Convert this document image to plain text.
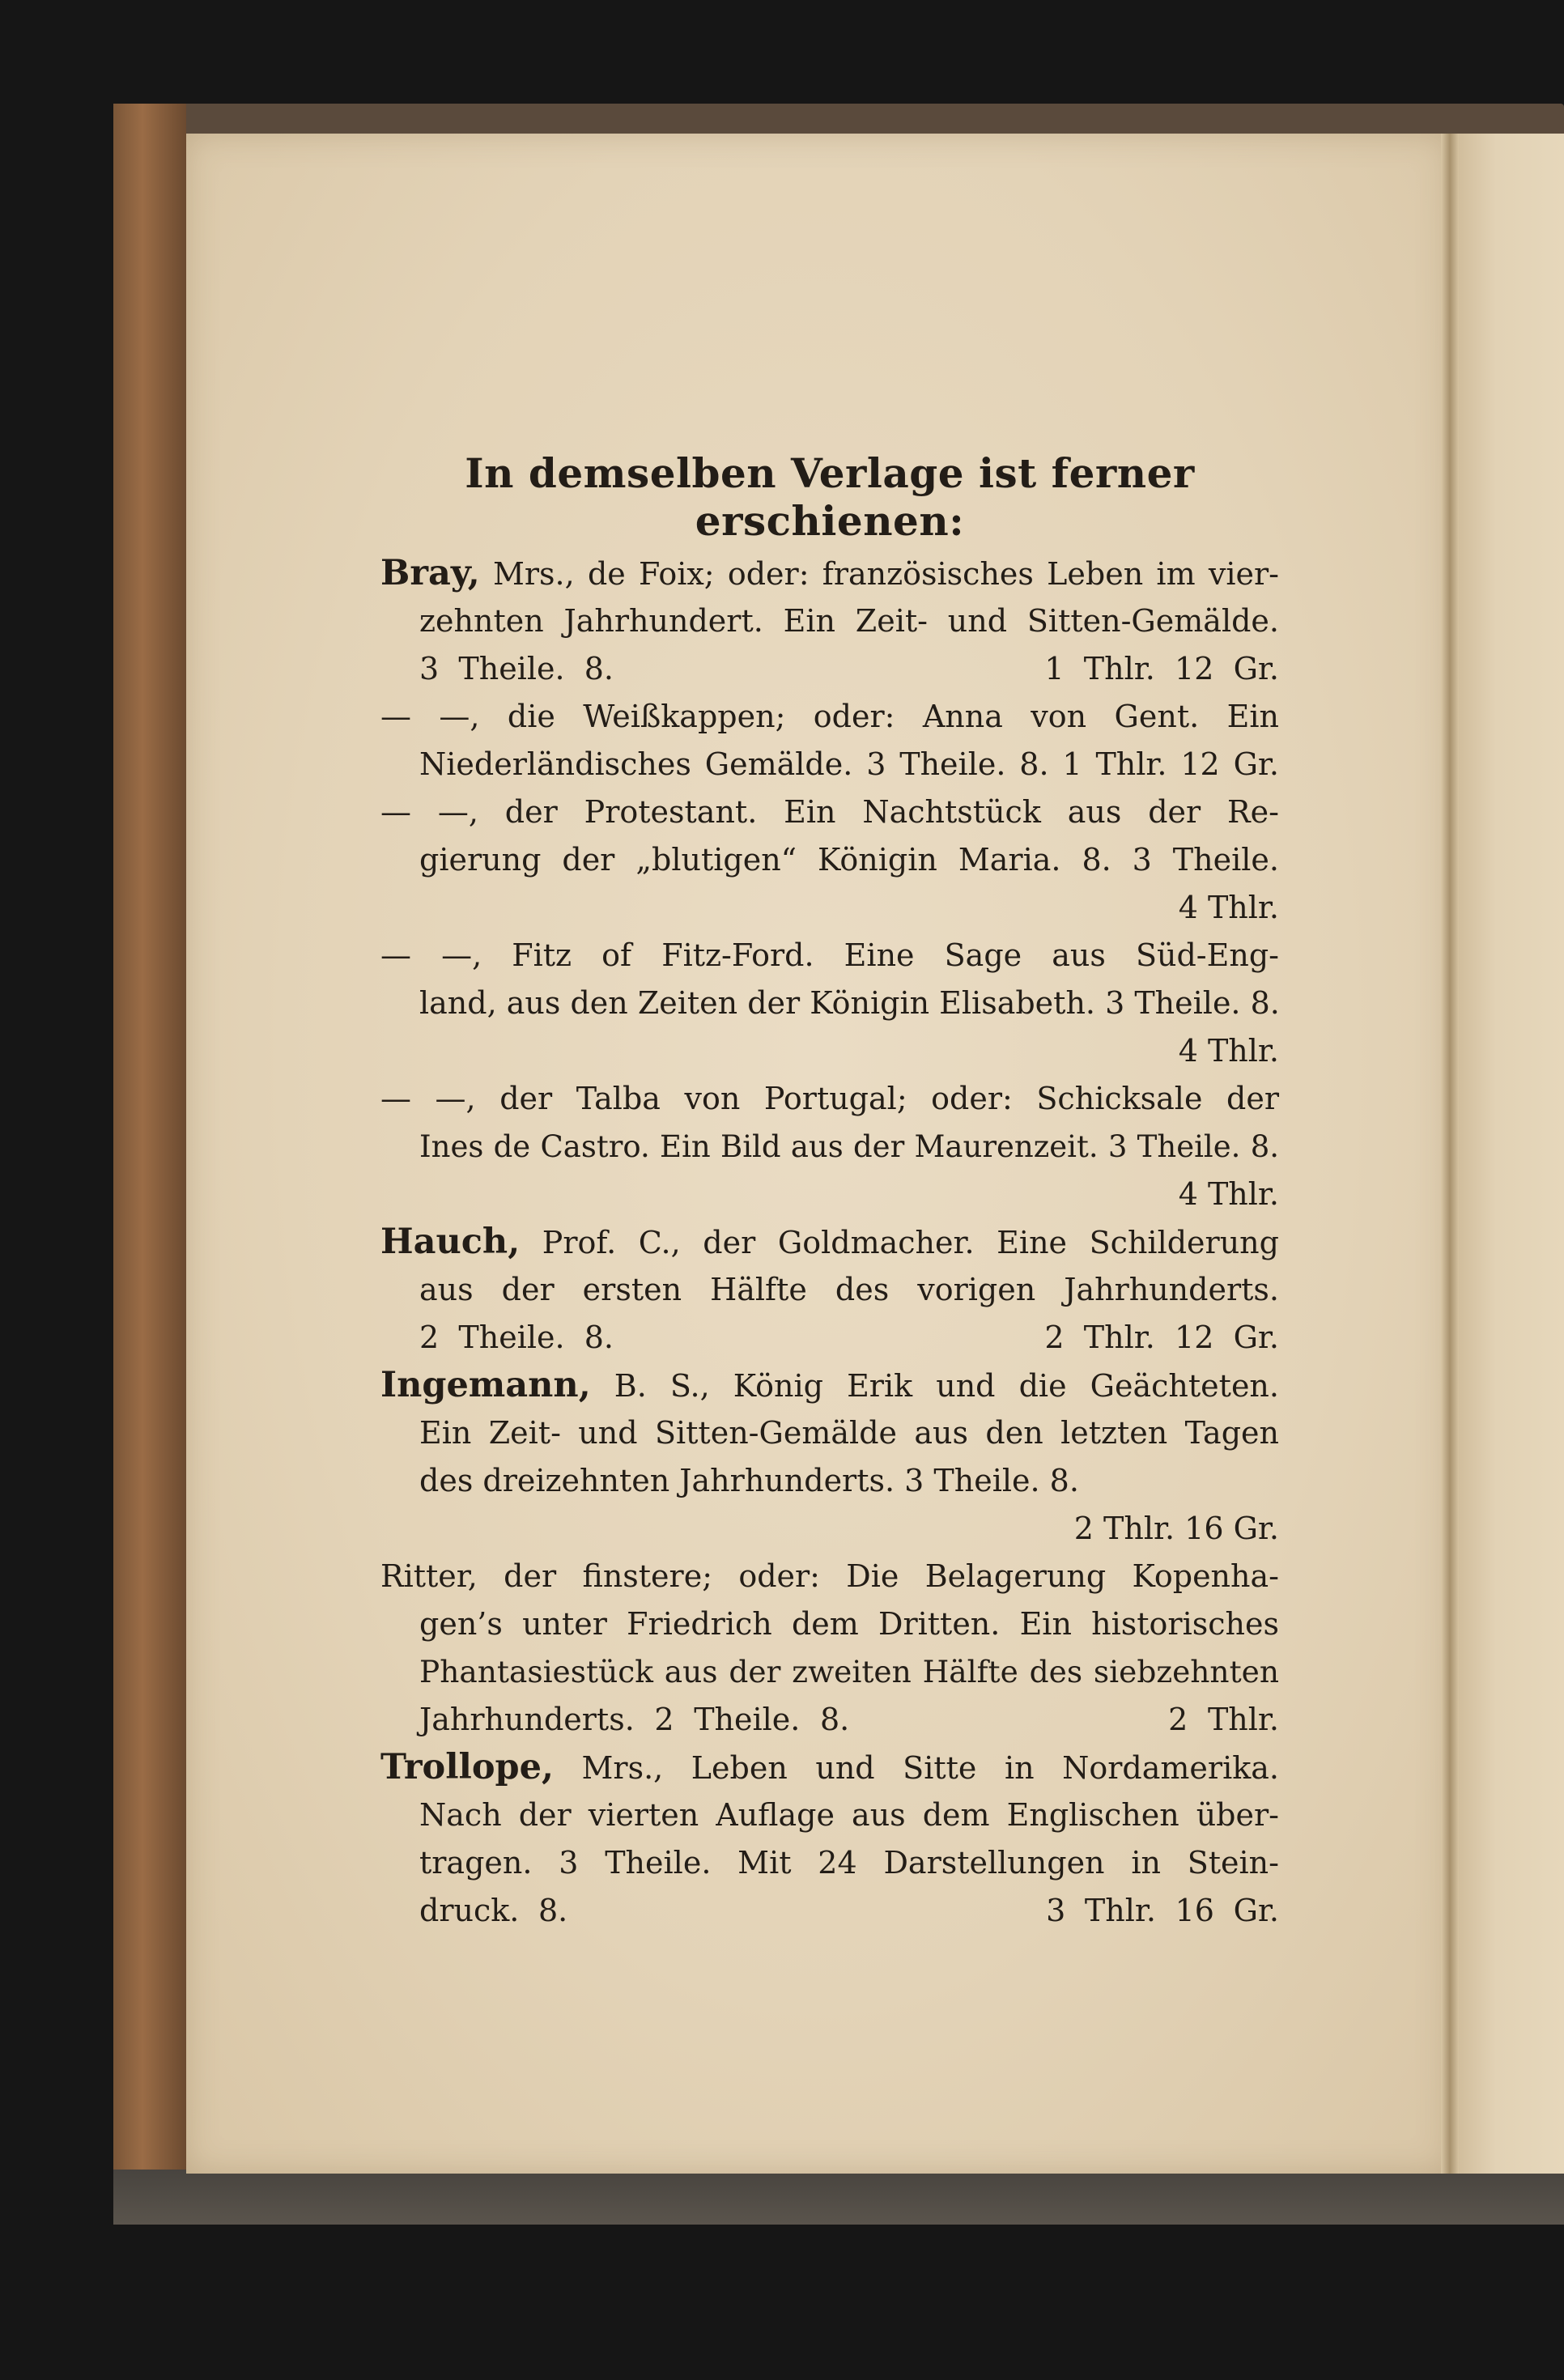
In demselben Verlage ist ferner erschienen:
Bray, Mrs., de Foix; oder: französisches Leben im vier-
zehnten Jahrhundert. Ein Zeit- und Sitten-Gemälde.
3 Theile. 8.                      1 Thlr. 12 Gr.
— —, die Weißkappen; oder: Anna von Gent. Ein
Niederländisches Gemälde. 3 Theile. 8. 1 Thlr. 12 Gr.
— —, der Protestant. Ein Nachtstück aus der Re-
gierung der „blutigen“ Königin Maria. 8. 3 Theile.
4 Thlr.
— —, Fitz of Fitz-Ford. Eine Sage aus Süd-Eng-
land, aus den Zeiten der Königin Elisabeth. 3 Theile. 8.
4 Thlr.
— —, der Talba von Portugal; oder: Schicksale der
Ines de Castro. Ein Bild aus der Maurenzeit. 3 Theile. 8.
4 Thlr.
Hauch, Prof. C., der Goldmacher. Eine Schilderung
aus der ersten Hälfte des vorigen Jahrhunderts.
2 Theile. 8.                      2 Thlr. 12 Gr.
Ingemann, B. S., König Erik und die Geächteten.
Ein Zeit- und Sitten-Gemälde aus den letzten Tagen
des dreizehnten Jahrhunderts. 3 Theile. 8.
2 Thlr. 16 Gr.
Ritter, der finstere; oder: Die Belagerung Kopenha-
gen’s unter Friedrich dem Dritten. Ein historisches
Phantasiestück aus der zweiten Hälfte des siebzehnten
Jahrhunderts. 2 Theile. 8.                2 Thlr.
Trollope, Mrs., Leben und Sitte in Nordamerika.
Nach der vierten Auflage aus dem Englischen über-
tragen. 3 Theile. Mit 24 Darstellungen in Stein-
druck. 8.                         3 Thlr. 16 Gr.
